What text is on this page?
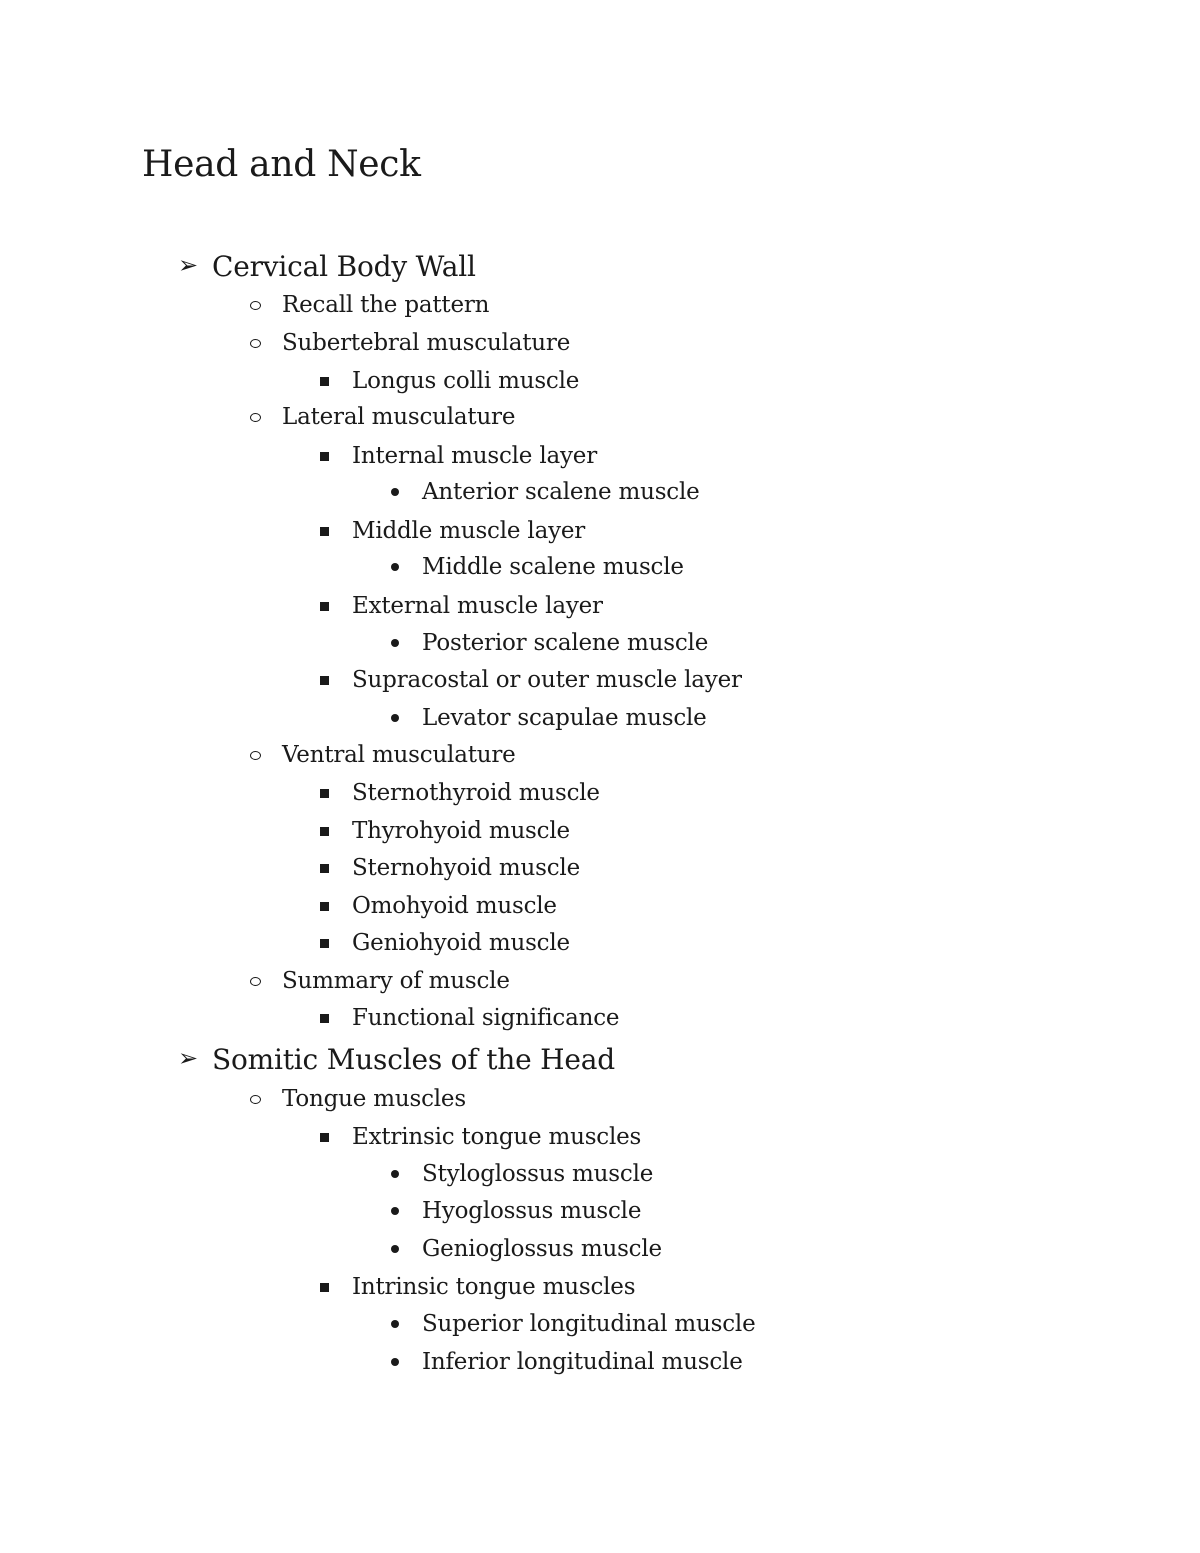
Head and Neck
➢ Cervical Body Wall
Recall the pattern
Subertebral musculature
Longus colli muscle
Lateral musculature
Internal muscle layer
Anterior scalene muscle
Middle muscle layer
Middle scalene muscle
External muscle layer
Posterior scalene muscle
Supracostal or outer muscle layer
Levator scapulae muscle
Ventral musculature
Sternothyroid muscle
Thyrohyoid muscle
Sternohyoid muscle
Omohyoid muscle
Geniohyoid muscle
Summary of muscle
Functional significance
➢ Somitic Muscles of the Head
Tongue muscles
Extrinsic tongue muscles
Styloglossus muscle
Hyoglossus muscle
Genioglossus muscle
Intrinsic tongue muscles
Superior longitudinal muscle
Inferior longitudinal muscle
